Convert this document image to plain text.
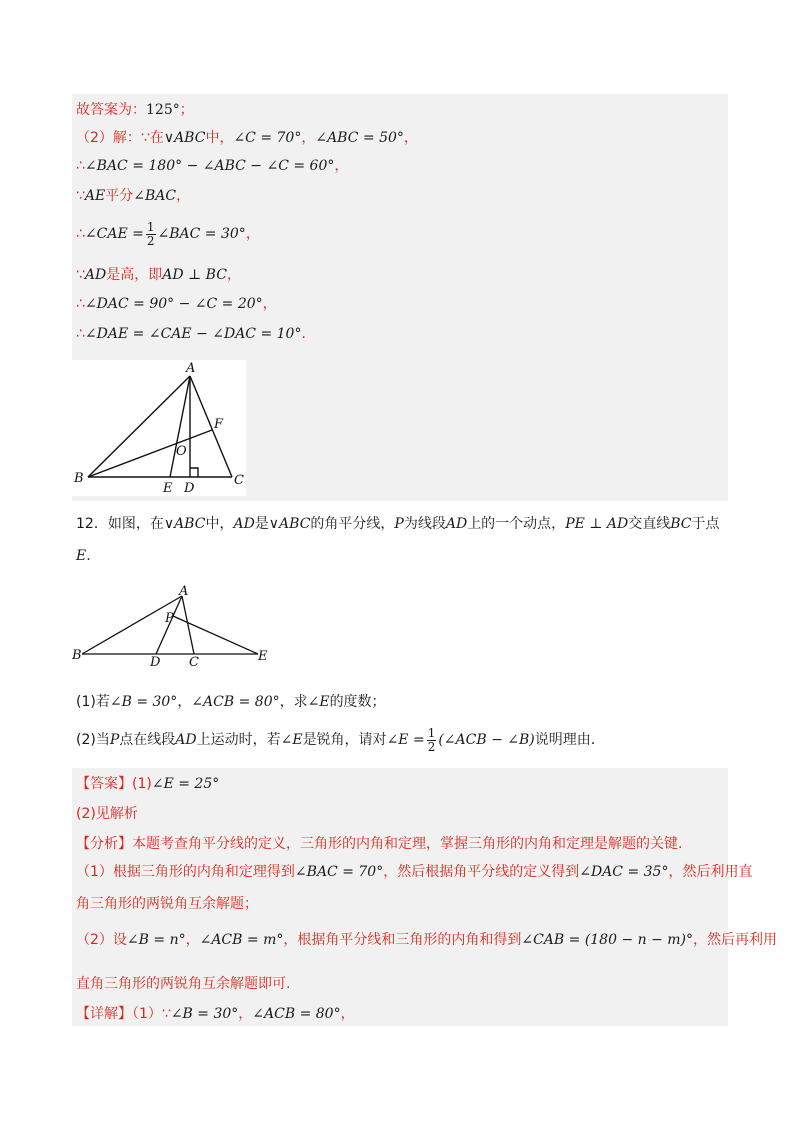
故答案为：125°；
（2）解：∵在∨ABC中，∠C = 70°，∠ABC = 50°，
∴∠BAC = 180° − ∠ABC − ∠C = 60°，
∵AE平分∠BAC，
∴∠CAE = $\frac{1}{2}$ ∠BAC = 30°，
∵AD是高，即AD ⊥ BC，
∴∠DAC = 90° − ∠C = 20°，
∴∠DAE = ∠CAE − ∠DAC = 10°.
A
B	C
D
E
F
O
12．如图，在∨ABC中，AD是∨ABC的角平分线，P为线段AD上的一个动点，PE ⊥ AD交直线BC于点
E.
A
B	C
D	E
P
(1)若∠B = 30°，∠ACB = 80°，求∠E的度数；
(2)当P点在线段AD上运动时，若∠E是锐角，请对∠E = $\frac{1}{2}$ (∠ACB − ∠B)说明理由.
【答案】(1)∠E = 25°
(2)见解析
【分析】本题考查角平分线的定义，三角形的内角和定理，掌握三角形的内角和定理是解题的关键.
（1）根据三角形的内角和定理得到∠BAC = 70°，然后根据角平分线的定义得到∠DAC = 35°，然后利用直
角三角形的两锐角互余解题；
（2）设∠B = n°，∠ACB = m°，根据角平分线和三角形的内角和得到∠CAB = (180 − n − m)°，然后再利用
直角三角形的两锐角互余解题即可.
【详解】（1）∵∠B = 30°，∠ACB = 80°，
